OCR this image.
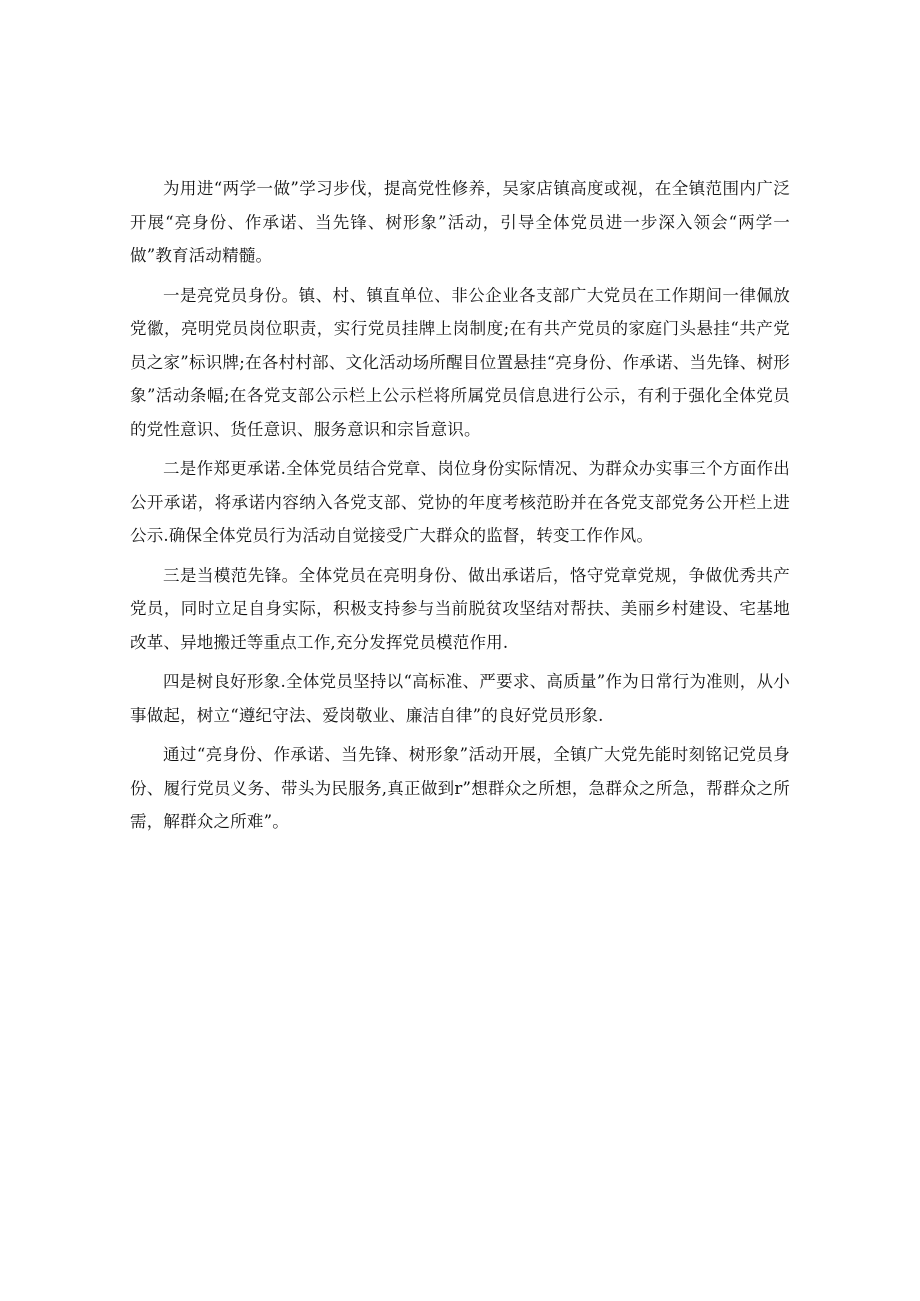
为用进“两学一做”学习步伐，提高党性修养，吴家店镇高度或视，在全镇范围内广泛开展“亮身份、作承诺、当先锋、树形象”活动，引导全体党员进一步深入领会“两学一做”教育活动精髓。

一是亮党员身份。镇、村、镇直单位、非公企业各支部广大党员在工作期间一律佩放党徽，亮明党员岗位职责，实行党员挂牌上岗制度;在有共产党员的家庭门头悬挂“共产党员之家”标识牌;在各村村部、文化活动场所醒目位置悬挂“亮身份、作承诺、当先锋、树形象”活动条幅;在各党支部公示栏上公示栏将所属党员信息进行公示，有利于强化全体党员的党性意识、货任意识、服务意识和宗旨意识。

二是作郑更承诺.全体党员结合党章、岗位身份实际情况、为群众办实事三个方面作出公开承诺，将承诺内容纳入各党支部、党协的年度考核范盼并在各党支部党务公开栏上进公示.确保全体党员行为活动自觉接受广大群众的监督，转变工作作风。

三是当模范先锋。全体党员在亮明身份、做出承诺后，恪守党章党规，争做优秀共产党员，同时立足自身实际，积极支持参与当前脱贫攻坚结对帮扶、美丽乡村建设、宅基地改革、异地搬迁等重点工作,充分发挥党员模范作用.

四是树良好形象.全体党员坚持以“高标准、严要求、高质量”作为日常行为准则，从小事做起，树立“遵纪守法、爱岗敬业、廉洁自律”的良好党员形象.

通过“亮身份、作承诺、当先锋、树形象”活动开展，全镇广大党先能时刻铭记党员身份、履行党员义务、带头为民服务,真正做到r”想群众之所想，急群众之所急，帮群众之所需，解群众之所难”。
